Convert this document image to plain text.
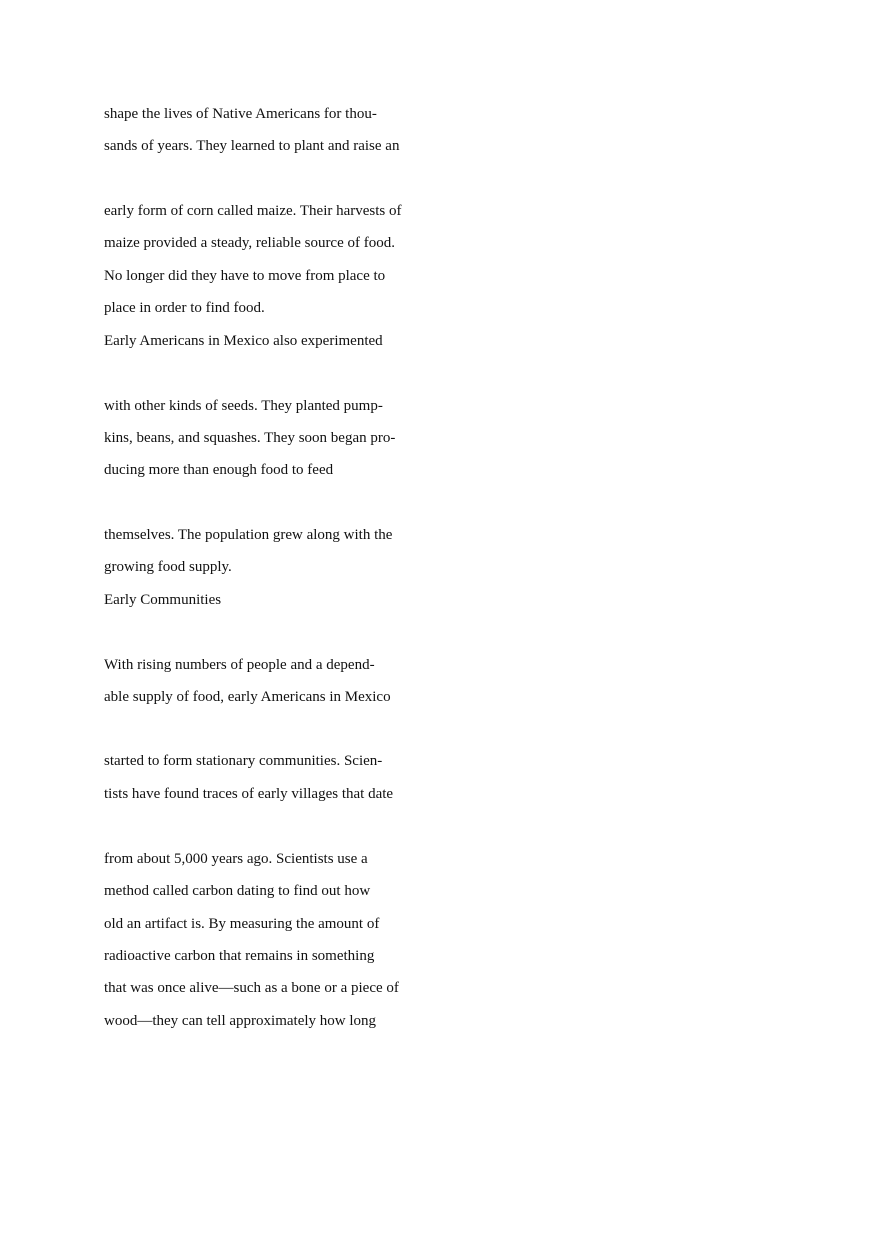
shape the lives of Native Americans for thou-

sands of years. They learned to plant and raise an

early form of corn called maize. Their harvests of

maize provided a steady, reliable source of food.

No longer did they have to move from place to

place in order to find food.

Early Americans in Mexico also experimented

with other kinds of seeds. They planted pump-

kins, beans, and squashes. They soon began pro-

ducing more than enough food to feed

themselves. The population grew along with the

growing food supply.

Early Communities

With rising numbers of people and a depend-

able supply of food, early Americans in Mexico

started to form stationary communities. Scien-

tists have found traces of early villages that date

from about 5,000 years ago. Scientists use a

method called carbon dating to find out how

old an artifact is. By measuring the amount of

radioactive carbon that remains in something

that was once alive—such as a bone or a piece of

wood—they can tell approximately how long
